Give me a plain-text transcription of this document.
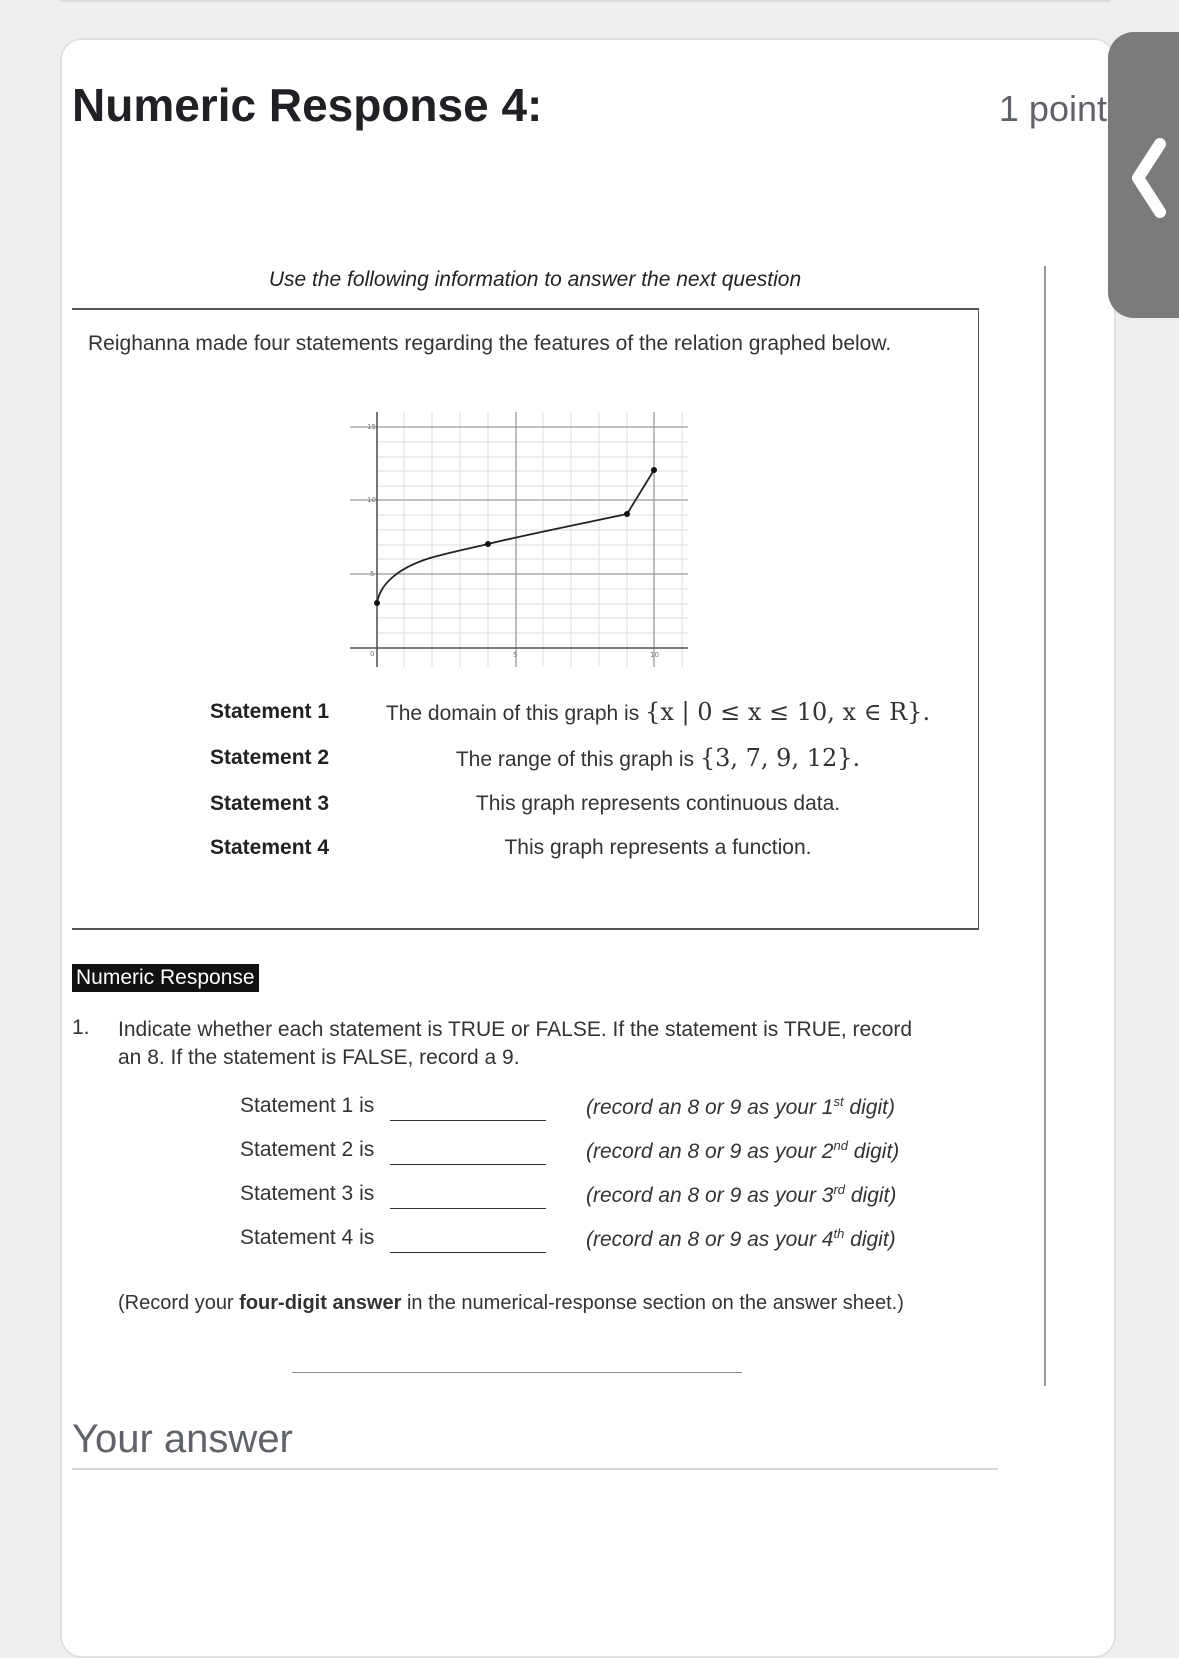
Numeric Response 4:	1 point
Use the following information to answer the next question
Reighanna made four statements regarding the features of the relation graphed below.
15
10
5
0	5	10
Statement 1	The domain of this graph is {x | 0 ≤ x ≤ 10, x ∈ R}.
Statement 2	The range of this graph is {3, 7, 9, 12}.
Statement 3	This graph represents continuous data.
Statement 4	This graph represents a function.
Numeric Response
1. Indicate whether each statement is TRUE or FALSE. If the statement is TRUE, record an 8. If the statement is FALSE, record a 9.
Statement 1 is	(record an 8 or 9 as your 1st digit)
Statement 2 is	(record an 8 or 9 as your 2nd digit)
Statement 3 is	(record an 8 or 9 as your 3rd digit)
Statement 4 is	(record an 8 or 9 as your 4th digit)
(Record your four-digit answer in the numerical-response section on the answer sheet.)
Your answer
